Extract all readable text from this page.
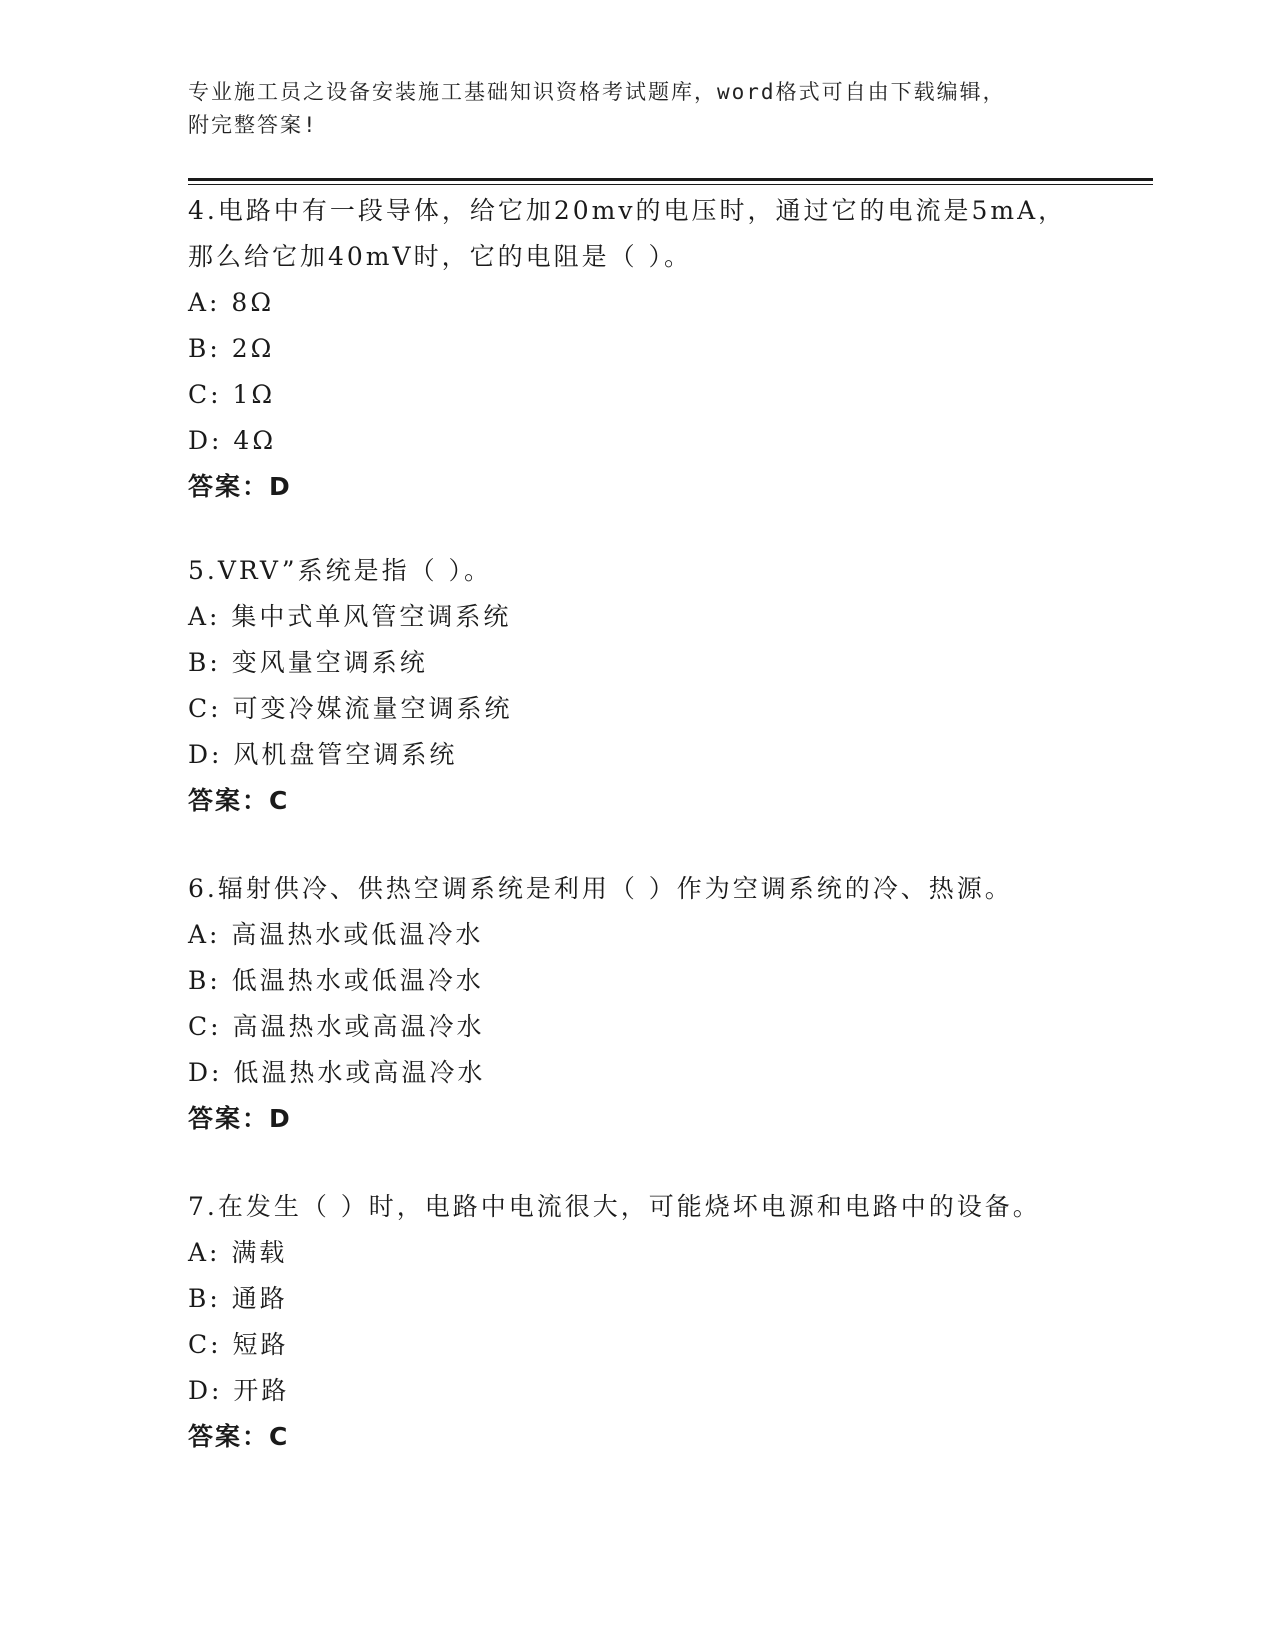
专业施工员之设备安装施工基础知识资格考试题库，word格式可自由下载编辑，
附完整答案!

4.电路中有一段导体，给它加20mv的电压时，通过它的电流是5mA，

那么给它加40mV时，它的电阻是（ ）。

A: 8Ω

B: 2Ω

C: 1Ω

D: 4Ω

答案：D

5.VRV”系统是指（ ）。

A: 集中式单风管空调系统

B: 变风量空调系统

C: 可变冷媒流量空调系统

D: 风机盘管空调系统

答案：C

6.辐射供冷、供热空调系统是利用（ ）作为空调系统的冷、热源。

A: 高温热水或低温冷水

B: 低温热水或低温冷水

C: 高温热水或高温冷水

D: 低温热水或高温冷水

答案：D

7.在发生（ ）时，电路中电流很大，可能烧坏电源和电路中的设备。

A: 满载

B: 通路

C: 短路

D: 开路

答案：C
